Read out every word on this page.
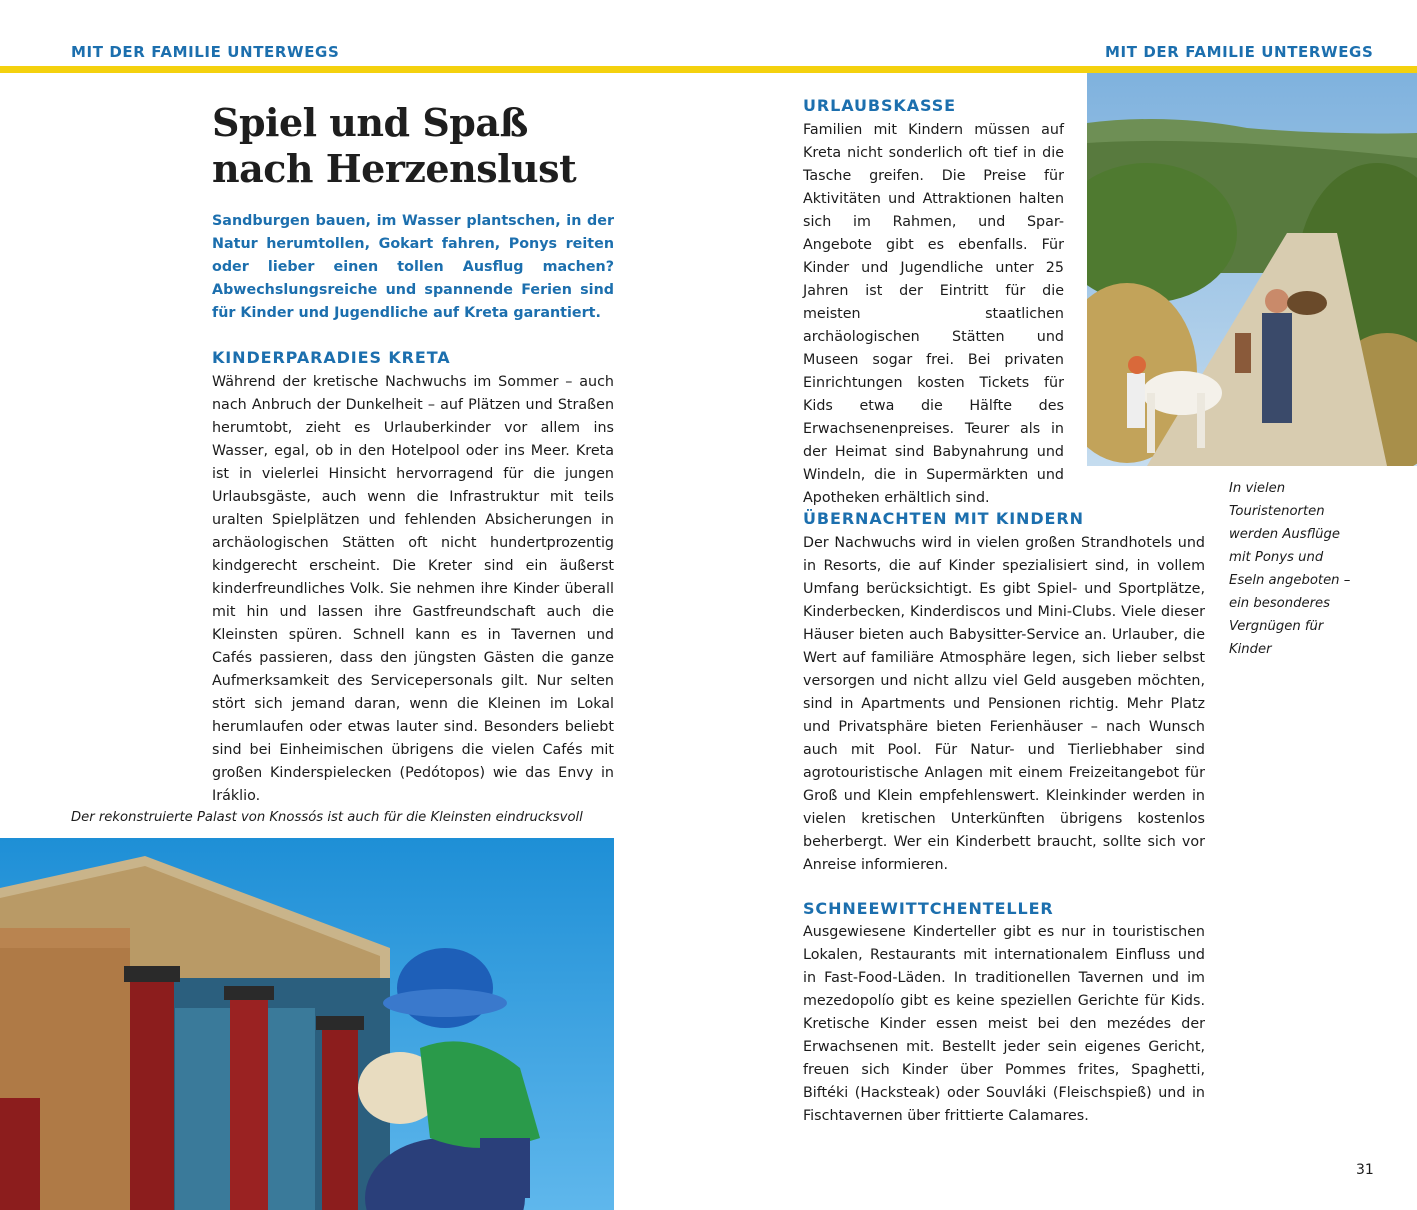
MIT DER FAMILIE UNTERWEGS	MIT DER FAMILIE UNTERWEGS
Spiel und Spaß nach Herzenslust

Sandburgen bauen, im Wasser plantschen, in der Natur herumtollen, Gokart fahren, Ponys reiten oder lieber einen tollen Ausflug machen? Abwechslungsreiche und spannende Ferien sind für Kinder und Jugendliche auf Kreta garantiert.

KINDERPARADIES KRETA

Während der kretische Nachwuchs im Sommer – auch nach Anbruch der Dunkelheit – auf Plätzen und Straßen herumtobt, zieht es Urlauberkinder vor allem ins Wasser, egal, ob in den Hotelpool oder ins Meer. Kreta ist in vielerlei Hinsicht hervorragend für die jungen Urlaubsgäste, auch wenn die Infrastruktur mit teils uralten Spielplätzen und fehlenden Absicherungen in archäologischen Stätten oft nicht hundertprozentig kindgerecht erscheint. Die Kreter sind ein äußerst kinderfreundliches Volk. Sie nehmen ihre Kinder überall mit hin und lassen ihre Gastfreundschaft auch die Kleinsten spüren. Schnell kann es in Tavernen und Cafés passieren, dass den jüngsten Gästen die ganze Aufmerksamkeit des Servicepersonals gilt. Nur selten stört sich jemand daran, wenn die Kleinen im Lokal herumlaufen oder etwas lauter sind. Besonders beliebt sind bei Einheimischen übrigens die vielen Cafés mit großen Kinderspielecken (Pedótopos) wie das Envy in Iráklio.

Der rekonstruierte Palast von Knossós ist auch für die Kleinsten eindrucksvoll

URLAUBSKASSE

Familien mit Kindern müssen auf Kreta nicht sonderlich oft tief in die Tasche greifen. Die Preise für Aktivitäten und Attraktionen halten sich im Rahmen, und Spar-Angebote gibt es ebenfalls. Für Kinder und Jugendliche unter 25 Jahren ist der Eintritt für die meisten staatlichen archäologischen Stätten und Museen sogar frei. Bei privaten Einrichtungen kosten Tickets für Kids etwa die Hälfte des Erwachsenenpreises. Teurer als in der Heimat sind Babynahrung und Windeln, die in Supermärkten und Apotheken erhältlich sind.

In vielen Touristenorten werden Ausflüge mit Ponys und Eseln angeboten – ein besonderes Vergnügen für Kinder

ÜBERNACHTEN MIT KINDERN

Der Nachwuchs wird in vielen großen Strandhotels und in Resorts, die auf Kinder spezialisiert sind, in vollem Umfang berücksichtigt. Es gibt Spiel- und Sportplätze, Kinderbecken, Kinderdiscos und Mini-Clubs. Viele dieser Häuser bieten auch Babysitter-Service an. Urlauber, die Wert auf familiäre Atmosphäre legen, sich lieber selbst versorgen und nicht allzu viel Geld ausgeben möchten, sind in Apartments und Pensionen richtig. Mehr Platz und Privatsphäre bieten Ferienhäuser – nach Wunsch auch mit Pool. Für Natur- und Tierliebhaber sind agrotouristische Anlagen mit einem Freizeitangebot für Groß und Klein empfehlenswert. Kleinkinder werden in vielen kretischen Unterkünften übrigens kostenlos beherbergt. Wer ein Kinderbett braucht, sollte sich vor Anreise informieren.

SCHNEEWITTCHENTELLER

Ausgewiesene Kinderteller gibt es nur in touristischen Lokalen, Restaurants mit internationalem Einfluss und in Fast-Food-Läden. In traditionellen Tavernen und im mezedopolío gibt es keine speziellen Gerichte für Kids. Kretische Kinder essen meist bei den mezédes der Erwachsenen mit. Bestellt jeder sein eigenes Gericht, freuen sich Kinder über Pommes frites, Spaghetti, Biftéki (Hacksteak) oder Souvláki (Fleischspieß) und in Fischtavernen über frittierte Calamares.

31
